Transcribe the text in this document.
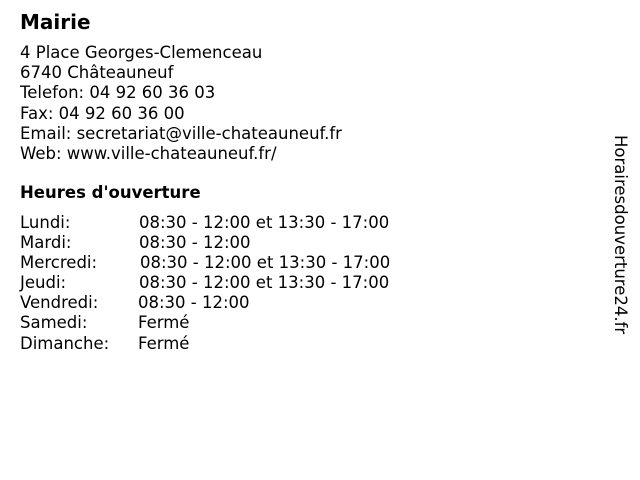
Mairie
4 Place Georges-Clemenceau
6740 Châteauneuf
Telefon: 04 92 60 36 03
Fax: 04 92 60 36 00
Email: secretariat@ville-chateauneuf.fr
Web: www.ville-chateauneuf.fr/
Heures d'ouverture
Lundi:	08:30 - 12:00 et 13:30 - 17:00
Mardi:	08:30 - 12:00
Mercredi:	08:30 - 12:00 et 13:30 - 17:00
Jeudi:	08:30 - 12:00 et 13:30 - 17:00
Vendredi: 08:30 - 12:00
Samedi:	Fermé
Dimanche: Fermé
Horairesdouverture24.fr
